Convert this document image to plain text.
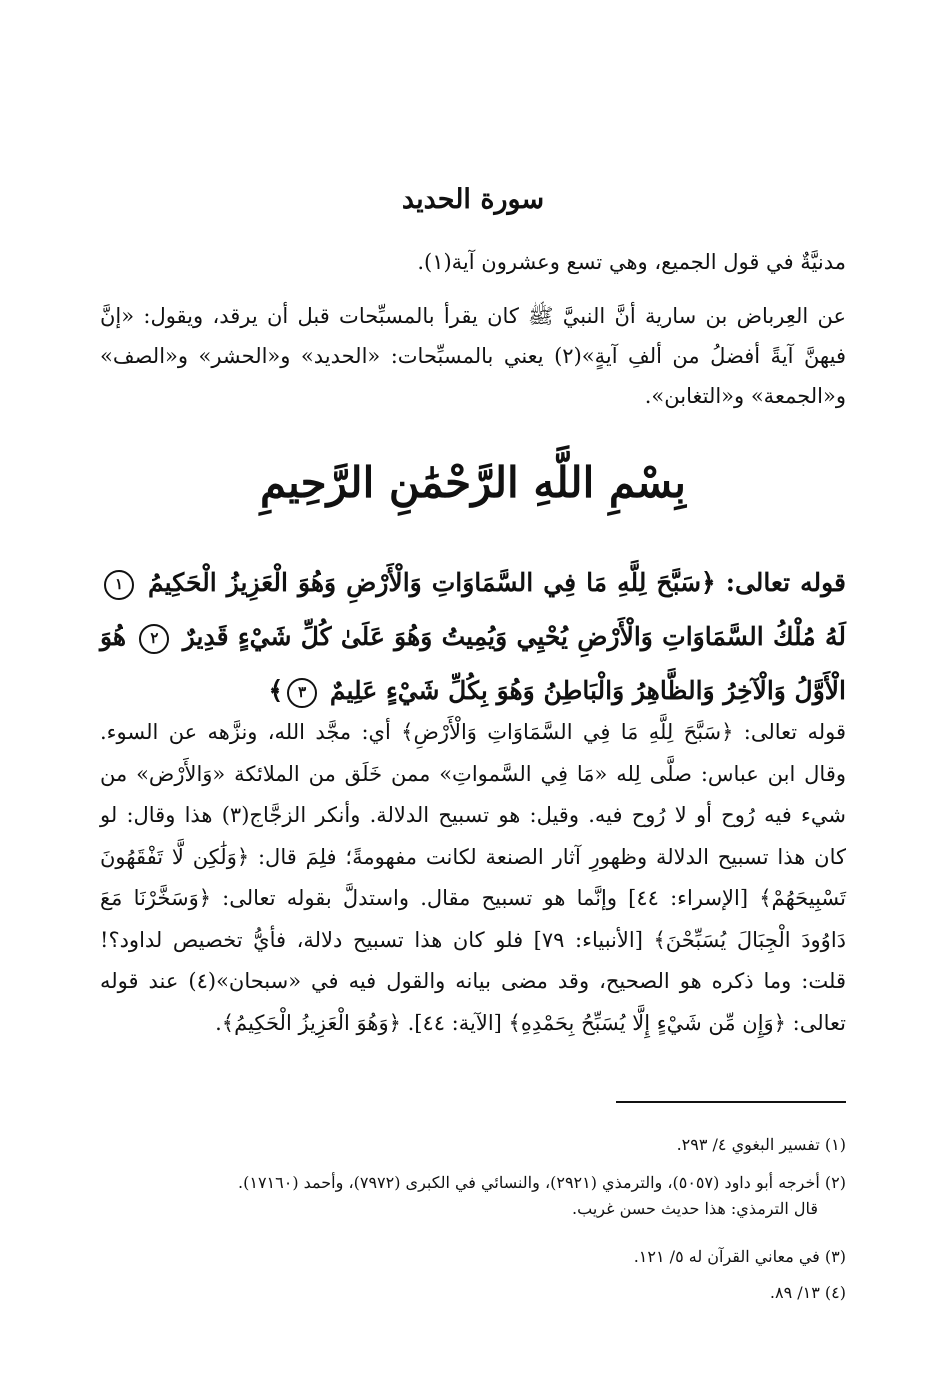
سورة الحديد
مدنيَّةٌ في قول الجميع، وهي تسع وعشرون آية(١).
عن العِرباض بن سارية أنَّ النبيَّ ﷺ كان يقرأ بالمسبِّحات قبل أن يرقد، ويقول: «إنَّ فيهنَّ آيةً أفضلُ من ألفِ آيةٍ»(٢) يعني بالمسبِّحات: «الحديد» و«الحشر» و«الصف» و«الجمعة» و«التغابن».
بِسْمِ اللَّهِ الرَّحْمَٰنِ الرَّحِيمِ
قوله تعالى: ﴿سَبَّحَ لِلَّهِ مَا فِي السَّمَاوَاتِ وَالْأَرْضِ وَهُوَ الْعَزِيزُ الْحَكِيمُ ١ لَهُ مُلْكُ السَّمَاوَاتِ وَالْأَرْضِ يُحْيِي وَيُمِيتُ وَهُوَ عَلَىٰ كُلِّ شَيْءٍ قَدِيرٌ ٢ هُوَ الْأَوَّلُ وَالْآخِرُ وَالظَّاهِرُ وَالْبَاطِنُ وَهُوَ بِكُلِّ شَيْءٍ عَلِيمٌ ٣﴾
قوله تعالى: ﴿سَبَّحَ لِلَّهِ مَا فِي السَّمَاوَاتِ وَالْأَرْضِ﴾ أي: مجَّد الله، ونزَّهه عن السوء. وقال ابن عباس: صلَّى لِله «مَا فِي السَّمواتِ» ممن خَلَق من الملائكة «وَالأَرْض» من شيء فيه رُوح أو لا رُوح فيه. وقيل: هو تسبيح الدلالة. وأنكر الزجَّاج(٣) هذا وقال: لو كان هذا تسبيح الدلالة وظهورِ آثار الصنعة لكانت مفهومةً؛ فلِمَ قال: ﴿وَلَٰكِن لَّا تَفْقَهُونَ تَسْبِيحَهُمْ﴾ [الإسراء: ٤٤] وإنَّما هو تسبيح مقال. واستدلَّ بقوله تعالى: ﴿وَسَخَّرْنَا مَعَ دَاوُودَ الْجِبَالَ يُسَبِّحْنَ﴾ [الأنبياء: ٧٩] فلو كان هذا تسبيح دلالة، فأيُّ تخصيص لداود؟! قلت: وما ذكره هو الصحيح، وقد مضى بيانه والقول فيه في «سبحان»(٤) عند قوله تعالى: ﴿وَإِن مِّن شَيْءٍ إِلَّا يُسَبِّحُ بِحَمْدِهِ﴾ [الآية: ٤٤]. ﴿وَهُوَ الْعَزِيزُ الْحَكِيمُ﴾.
(١) تفسير البغوي ٤/ ٢٩٣.
(٢) أخرجه أبو داود (٥٠٥٧)، والترمذي (٢٩٢١)، والنسائي في الكبرى (٧٩٧٢)، وأحمد (١٧١٦٠).
قال الترمذي: هذا حديث حسن غريب.
(٣) في معاني القرآن له ٥/ ١٢١.
(٤) ١٣/ ٨٩.
